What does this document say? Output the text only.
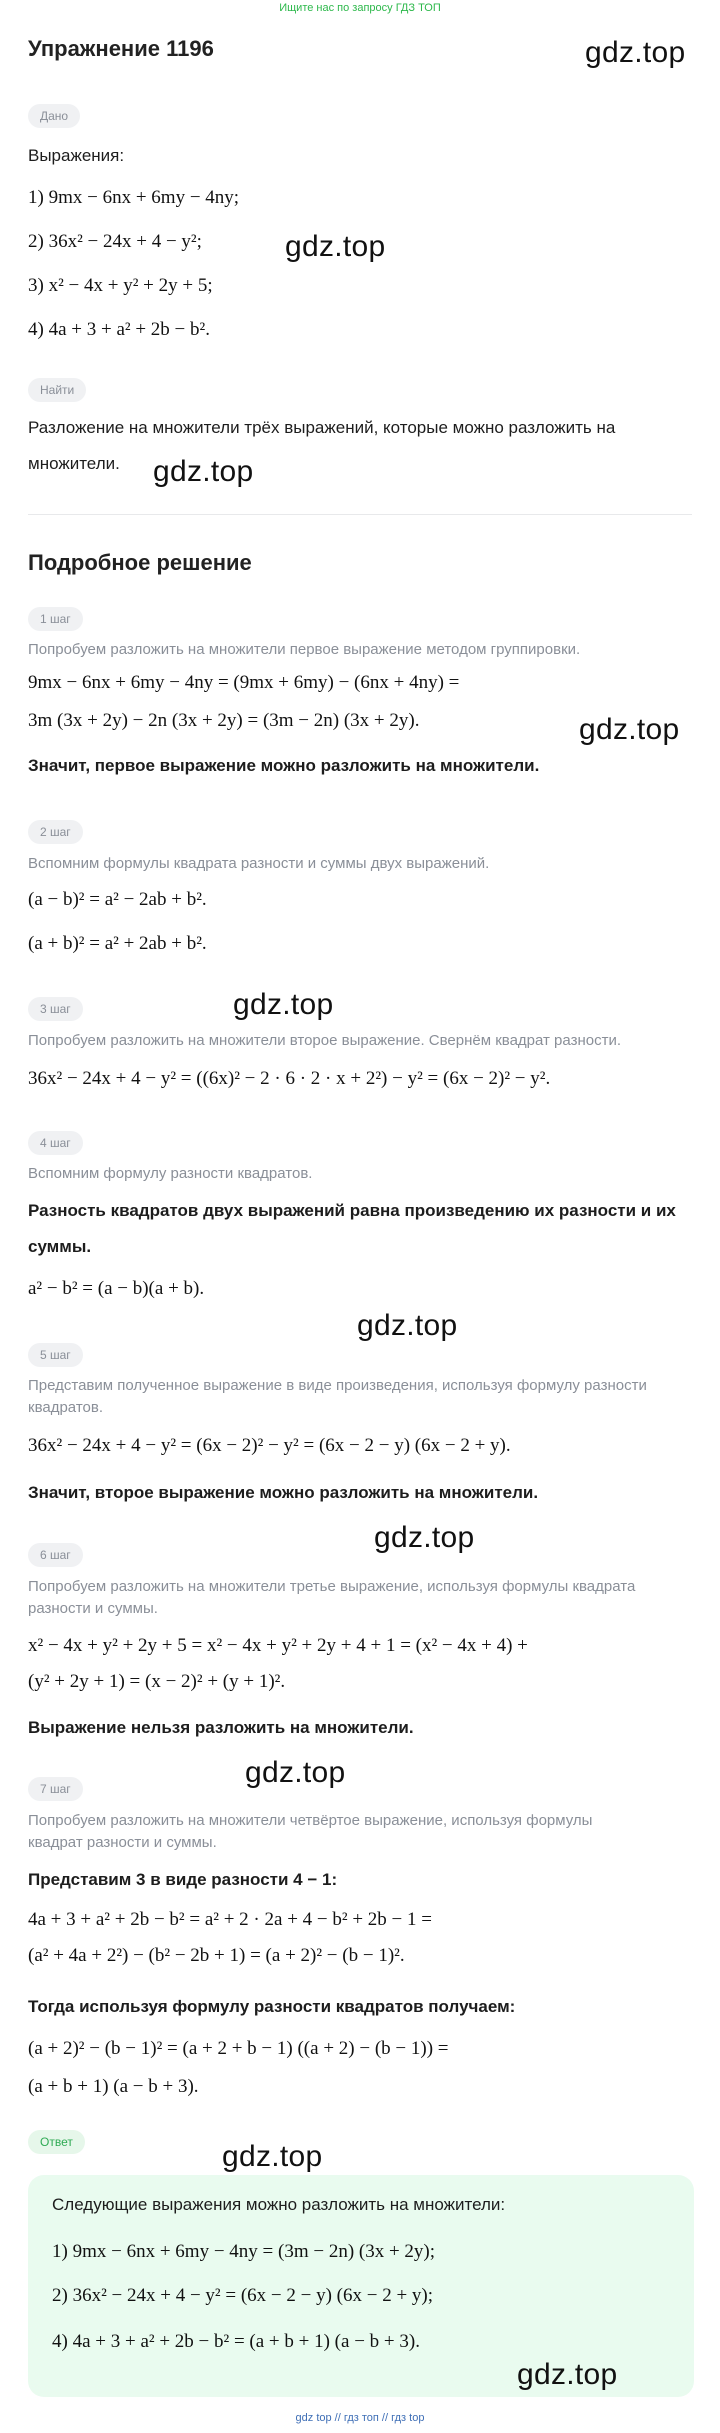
Ищите нас по запросу ГДЗ ТОП
Упражнение 1196	gdz.top
Дано
Выражения:
1) 9mx − 6nx + 6my − 4ny;
2) 36x² − 24x + 4 − y²;	gdz.top
3) x² − 4x + y² + 2y + 5;
4) 4a + 3 + a² + 2b − b².
Найти
Разложение на множители трёх выражений, которые можно разложить на
множители. gdz.top
Подробное решение
1 шаг
Попробуем разложить на множители первое выражение методом группировки.
9mx − 6nx + 6my − 4ny = (9mx + 6my) − (6nx + 4ny) =
3m (3x + 2y) − 2n (3x + 2y) = (3m − 2n) (3x + 2y).	gdz.top
Значит, первое выражение можно разложить на множители.
2 шаг
Вспомним формулы квадрата разности и суммы двух выражений.
(a − b)² = a² − 2ab + b².
(a + b)² = a² + 2ab + b².
gdz.top
3 шаг
Попробуем разложить на множители второе выражение. Свернём квадрат разности.
36x² − 24x + 4 − y² = ((6x)² − 2 · 6 · 2 · x + 2²) − y² = (6x − 2)² − y².
4 шаг
Вспомним формулу разности квадратов.
Разность квадратов двух выражений равна произведению их разности и их
суммы.
a² − b² = (a − b)(a + b).
gdz.top
5 шаг
Представим полученное выражение в виде произведения, используя формулу разности
квадратов.
36x² − 24x + 4 − y² = (6x − 2)² − y² = (6x − 2 − y) (6x − 2 + y).
Значит, второе выражение можно разложить на множители.
gdz.top
6 шаг
Попробуем разложить на множители третье выражение, используя формулы квадрата
разности и суммы.
x² − 4x + y² + 2y + 5 = x² − 4x + y² + 2y + 4 + 1 = (x² − 4x + 4) +
(y² + 2y + 1) = (x − 2)² + (y + 1)².
Выражение нельзя разложить на множители.
gdz.top
7 шаг
Попробуем разложить на множители четвёртое выражение, используя формулы
квадрат разности и суммы.
Представим 3 в виде разности 4 − 1:
4a + 3 + a² + 2b − b² = a² + 2 · 2a + 4 − b² + 2b − 1 =
(a² + 4a + 2²) − (b² − 2b + 1) = (a + 2)² − (b − 1)².
Тогда используя формулу разности квадратов получаем:
(a + 2)² − (b − 1)² = (a + 2 + b − 1) ((a + 2) − (b − 1)) =
(a + b + 1) (a − b + 3).
Ответ	gdz.top
Следующие выражения можно разложить на множители:
1) 9mx − 6nx + 6my − 4ny = (3m − 2n) (3x + 2y);
2) 36x² − 24x + 4 − y² = (6x − 2 − y) (6x − 2 + y);
4) 4a + 3 + a² + 2b − b² = (a + b + 1) (a − b + 3).
gdz.top
gdz top // гдз топ // гдз top
